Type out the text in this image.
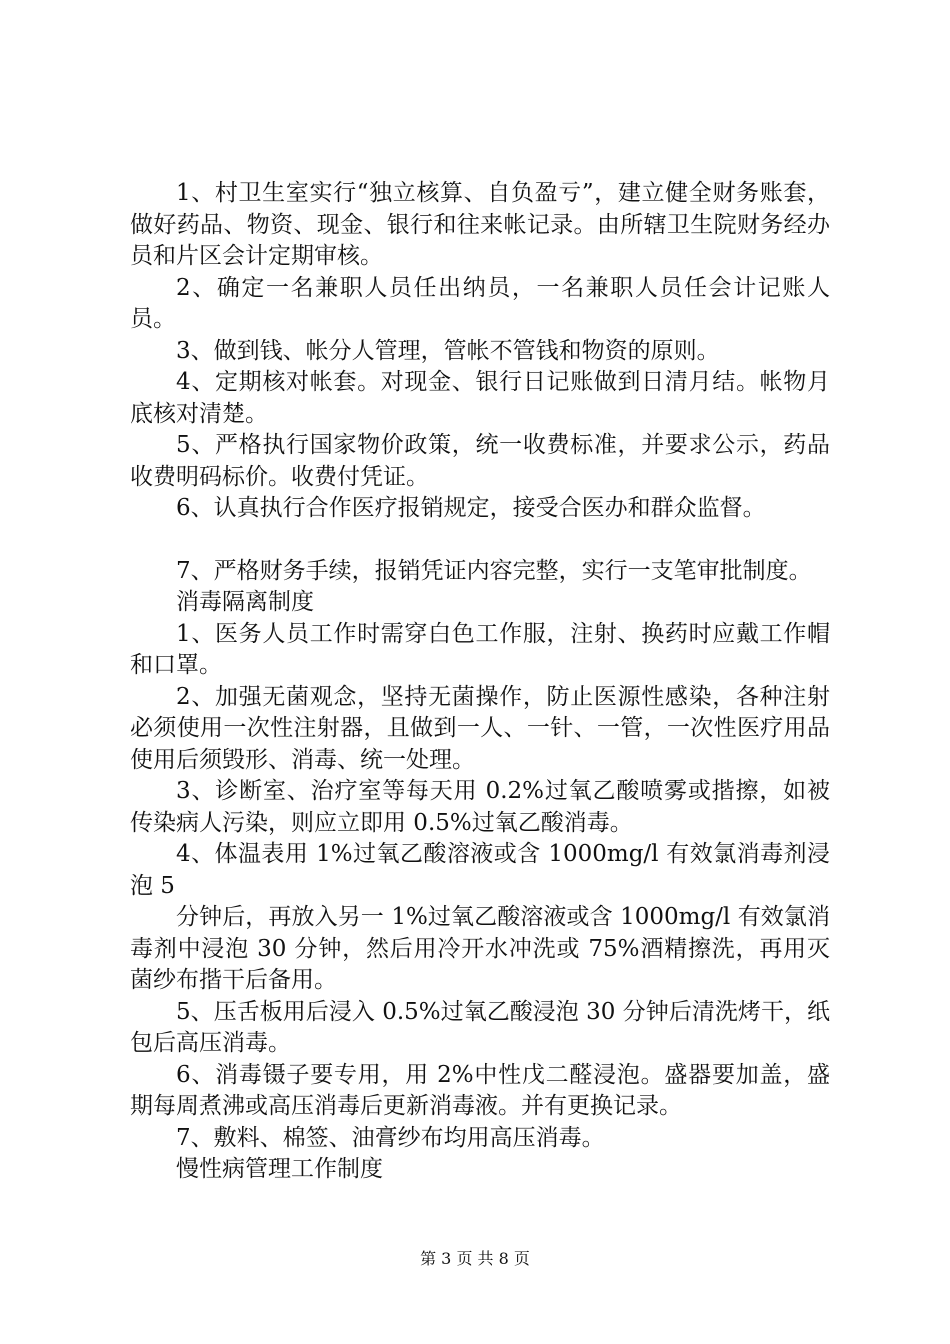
1、村卫生室实行“独立核算、自负盈亏”，建立健全财务账套，做好药品、物资、现金、银行和往来帐记录。由所辖卫生院财务经办员和片区会计定期审核。

2、确定一名兼职人员任出纳员，一名兼职人员任会计记账人员。

3、做到钱、帐分人管理，管帐不管钱和物资的原则。

4、定期核对帐套。对现金、银行日记账做到日清月结。帐物月底核对清楚。

5、严格执行国家物价政策，统一收费标准，并要求公示，药品收费明码标价。收费付凭证。

6、认真执行合作医疗报销规定，接受合医办和群众监督。

7、严格财务手续，报销凭证内容完整，实行一支笔审批制度。

消毒隔离制度

1、医务人员工作时需穿白色工作服，注射、换药时应戴工作帽和口罩。

2、加强无菌观念，坚持无菌操作，防止医源性感染，各种注射必须使用一次性注射器，且做到一人、一针、一管，一次性医疗用品使用后须毁形、消毒、统一处理。

3、诊断室、治疗室等每天用 0.2%过氧乙酸喷雾或揩擦，如被传染病人污染，则应立即用 0.5%过氧乙酸消毒。

4、体温表用 1%过氧乙酸溶液或含 1000mg/l 有效氯消毒剂浸泡 5

分钟后，再放入另一 1%过氧乙酸溶液或含 1000mg/l 有效氯消毒剂中浸泡 30 分钟，然后用冷开水冲洗或 75%酒精擦洗，再用灭菌纱布揩干后备用。

5、压舌板用后浸入 0.5%过氧乙酸浸泡 30 分钟后清洗烤干，纸包后高压消毒。

6、消毒镊子要专用，用 2%中性戊二醛浸泡。盛器要加盖，盛期每周煮沸或高压消毒后更新消毒液。并有更换记录。

7、敷料、棉签、油膏纱布均用高压消毒。

慢性病管理工作制度

第 3 页 共 8 页
